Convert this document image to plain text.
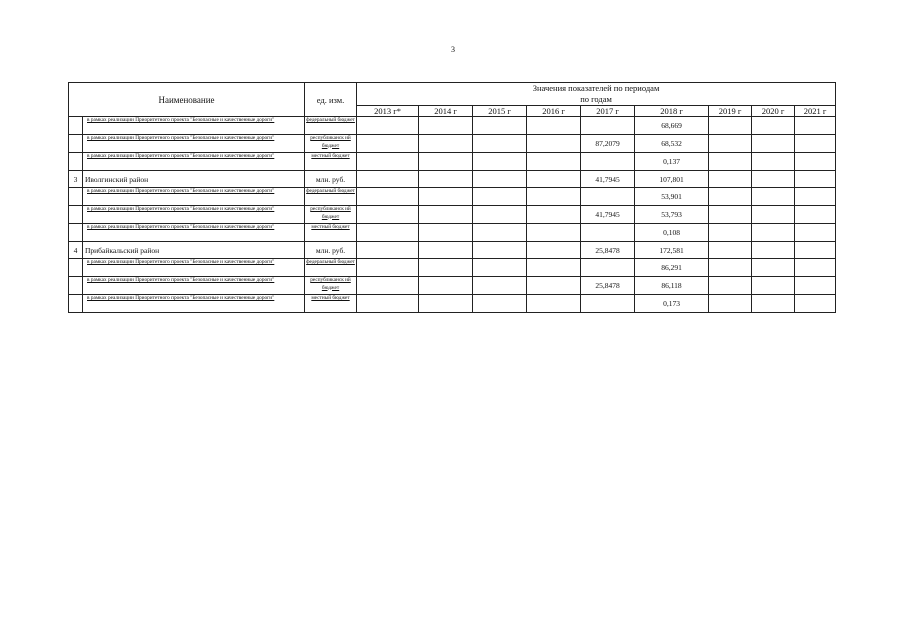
3
Наименование		ед. изм.	Значения показателей по периодам
по годам								

			2013 г*	2014 г	2015 г	2016 г	2017 г	2018 г	2019 г	2020 г	2021 г
	в рамках реализации Приоритетного проекта "Безопасные и качественные дороги"	федеральный бюджет						68,669			
	в рамках реализации Приоритетного проекта "Безопасные и качественные дороги"	республиканск ий бюджет					87,2079	68,532			
	в рамках реализации Приоритетного проекта "Безопасные и качественные дороги"	местный бюджет						0,137			
3	Иволгинский район	млн. руб.					41,7945	107,801			
	в рамках реализации Приоритетного проекта "Безопасные и качественные дороги"	федеральный бюджет						53,901			
	в рамках реализации Приоритетного проекта "Безопасные и качественные дороги"	республиканск ий бюджет					41,7945	53,793			
	в рамках реализации Приоритетного проекта "Безопасные и качественные дороги"	местный бюджет						0,108			
4	Прибайкальский район	млн. руб.					25,8478	172,581			
	в рамках реализации Приоритетного проекта "Безопасные и качественные дороги"	федеральный бюджет						86,291			
	в рамках реализации Приоритетного проекта "Безопасные и качественные дороги"	республиканск ий бюджет					25,8478	86,118			
	в рамках реализации Приоритетного проекта "Безопасные и качественные дороги"	местный бюджет						0,173			
